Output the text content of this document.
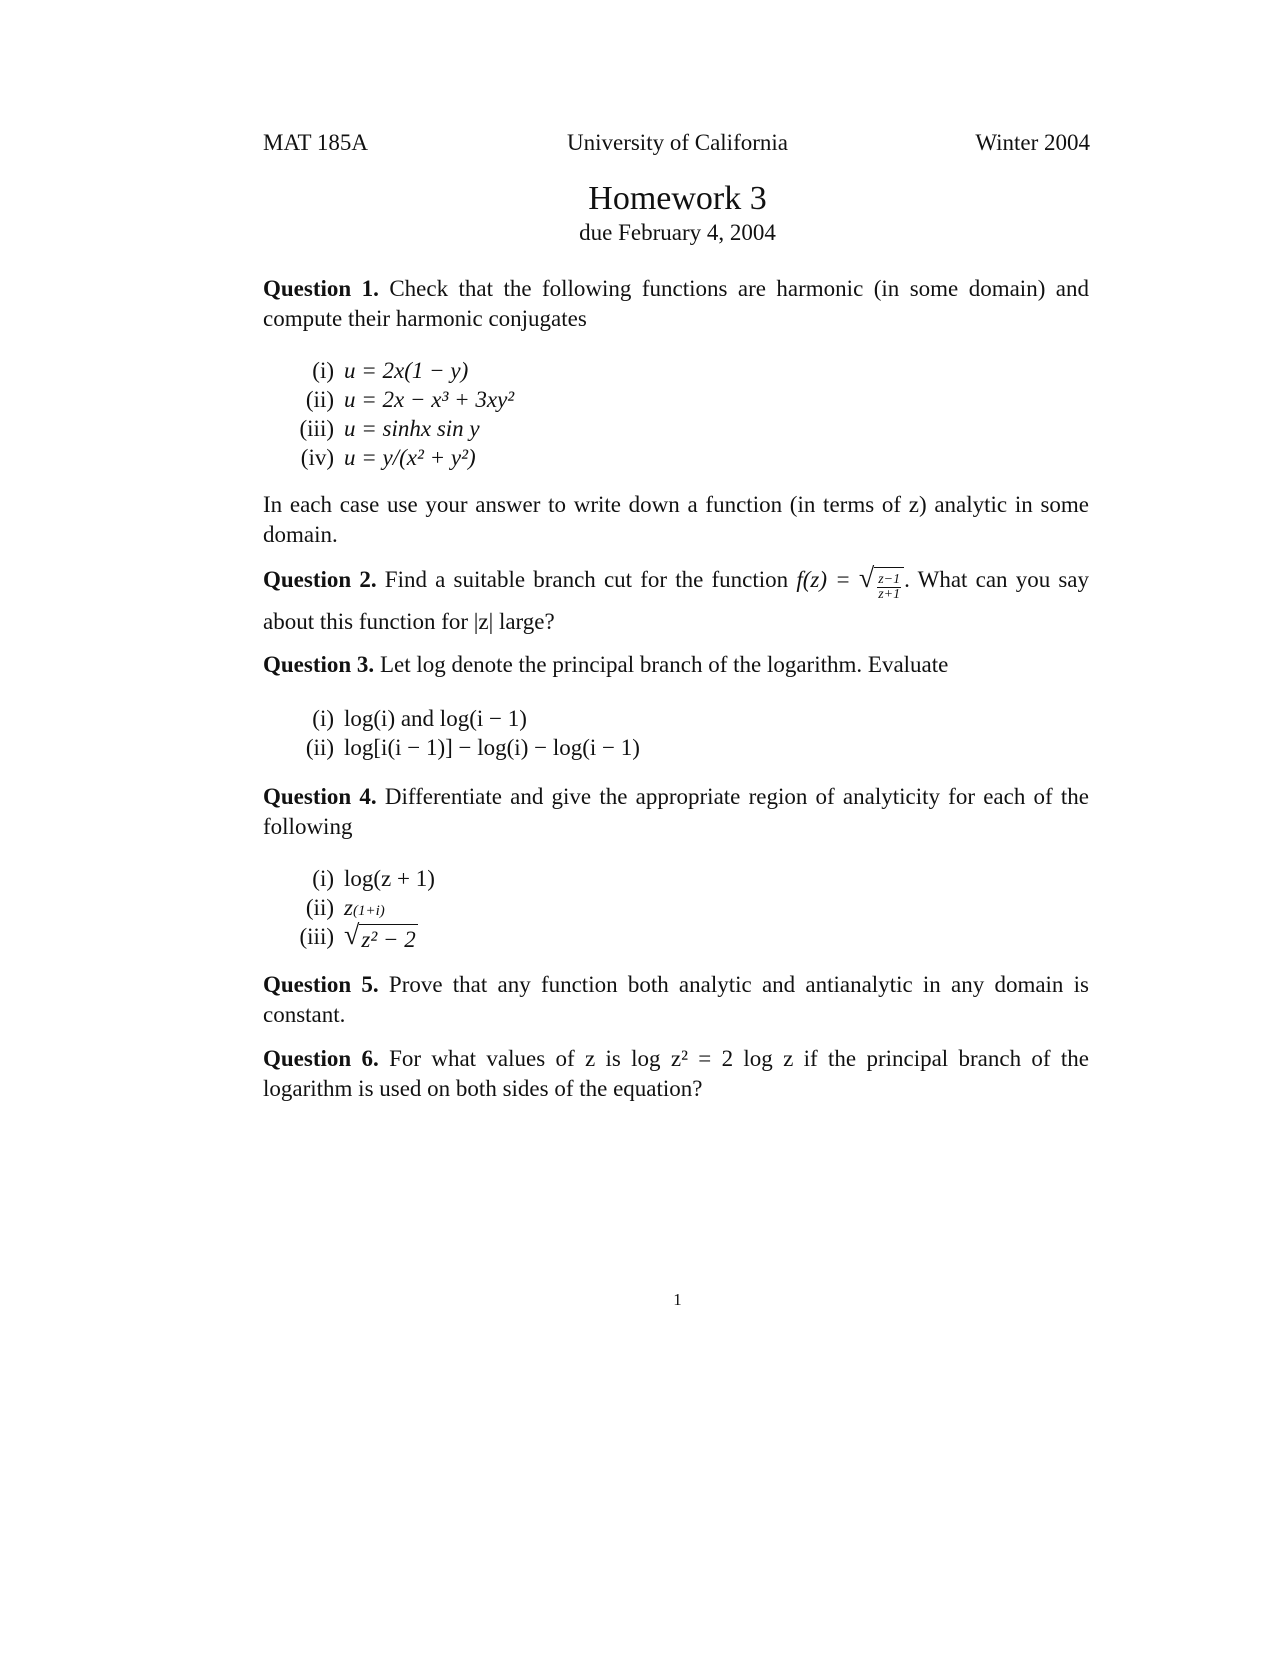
MAT 185A	University of California	Winter 2004
Homework 3
due February 4, 2004
Question 1. Check that the following functions are harmonic (in some domain) and compute their harmonic conjugates
(i) u = 2x(1 − y)
(ii) u = 2x − x³ + 3xy²
(iii) u = sinhx sin y
(iv) u = y/(x² + y²)
In each case use your answer to write down a function (in terms of z) analytic in some domain.
Question 2. Find a suitable branch cut for the function f(z) = √ $\frac{z-1}{z+1}$ . What can you say about this function for |z| large?
Question 3. Let log denote the principal branch of the logarithm. Evaluate
(i) log(i) and log(i − 1)
(ii) log[i(i − 1)] − log(i) − log(i − 1)
Question 4. Differentiate and give the appropriate region of analyticity for each of the following
(i) log(z + 1)
(ii) z (1+i)
(iii) √ z² − 2
Question 5. Prove that any function both analytic and antianalytic in any domain is constant.
Question 6. For what values of z is log z² = 2 log z if the principal branch of the logarithm is used on both sides of the equation?
1
